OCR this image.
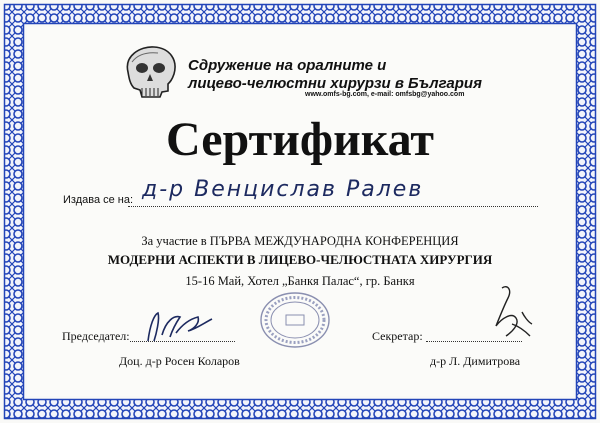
Сдружение на оралните и
лицево-челюстни хирурзи в България
www.omfs-bg.com, e-mail: omfsbg@yahoo.com
Сертификат
Издава се на: д-р Венцислав Ралев
За участие в ПЪРВА МЕЖДУНАРОДНА КОНФЕРЕНЦИЯ
МОДЕРНИ АСПЕКТИ В ЛИЦЕВО-ЧЕЛЮСТНАТА ХИРУРГИЯ
15-16 Май, Хотел „Банкя Палас“, гр. Банкя
Председател:
Доц. д-р Росен Коларов
Секретар:
д-р Л. Димитрова
